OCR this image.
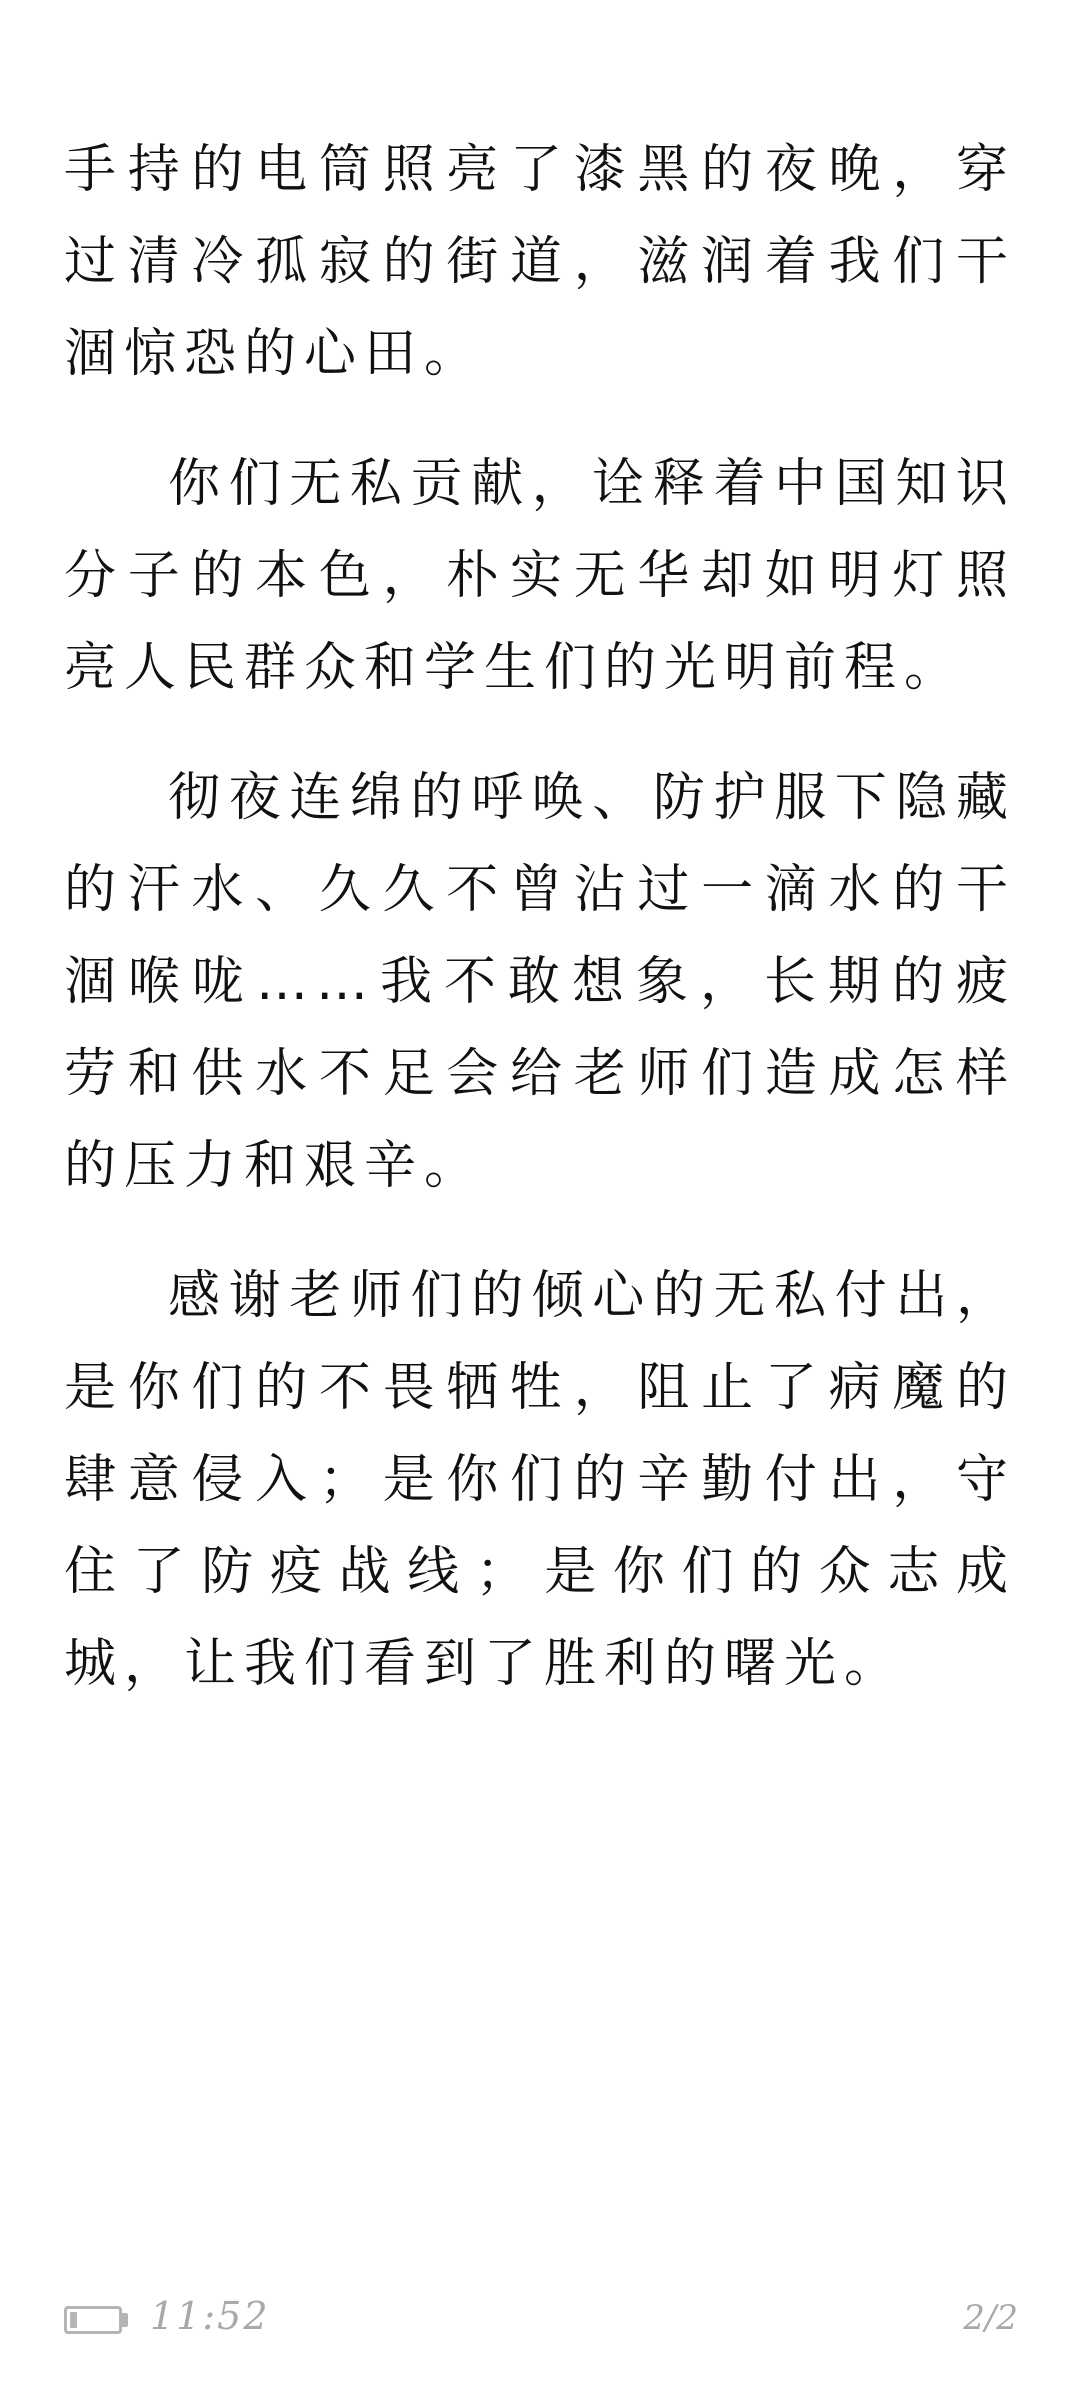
手持的电筒照亮了漆黑的夜晚，穿过清冷孤寂的街道，滋润着我们干涸惊恐的心田。

你们无私贡献，诠释着中国知识分子的本色，朴实无华却如明灯照亮人民群众和学生们的光明前程。

彻夜连绵的呼唤、防护服下隐藏的汗水、久久不曾沾过一滴水的干涸喉咙……我不敢想象，长期的疲劳和供水不足会给老师们造成怎样的压力和艰辛。

感谢老师们的倾心的无私付出，是你们的不畏牺牲，阻止了病魔的肆意侵入；是你们的辛勤付出，守住了防疫战线；是你们的众志成城，让我们看到了胜利的曙光。

11:52	2/2
